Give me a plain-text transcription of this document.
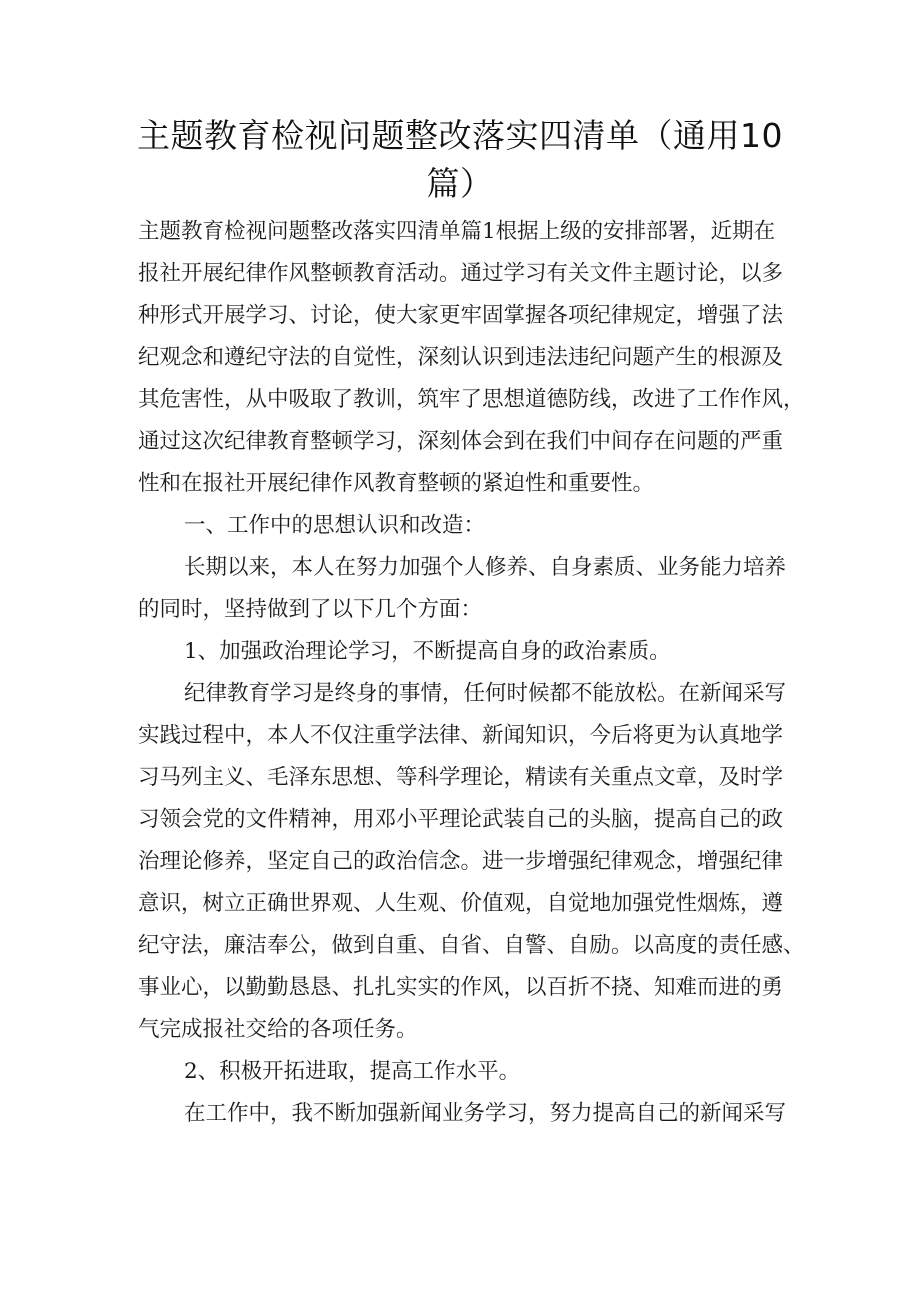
主题教育检视问题整改落实四清单（通用10
篇）
主题教育检视问题整改落实四清单篇1根据上级的安排部署，近期在
报社开展纪律作风整顿教育活动。通过学习有关文件主题讨论，以多
种形式开展学习、讨论，使大家更牢固掌握各项纪律规定，增强了法
纪观念和遵纪守法的自觉性，深刻认识到违法违纪问题产生的根源及
其危害性，从中吸取了教训，筑牢了思想道德防线，改进了工作作风，
通过这次纪律教育整顿学习，深刻体会到在我们中间存在问题的严重
性和在报社开展纪律作风教育整顿的紧迫性和重要性。
一、工作中的思想认识和改造：
长期以来，本人在努力加强个人修养、自身素质、业务能力培养
的同时，坚持做到了以下几个方面：
1、加强政治理论学习，不断提高自身的政治素质。
纪律教育学习是终身的事情，任何时候都不能放松。在新闻采写
实践过程中，本人不仅注重学法律、新闻知识，今后将更为认真地学
习马列主义、毛泽东思想、等科学理论，精读有关重点文章，及时学
习领会党的文件精神，用邓小平理论武装自己的头脑，提高自己的政
治理论修养，坚定自己的政治信念。进一步增强纪律观念，增强纪律
意识，树立正确世界观、人生观、价值观，自觉地加强党性烟炼，遵
纪守法，廉洁奉公，做到自重、自省、自警、自励。以高度的责任感、
事业心，以勤勤恳恳、扎扎实实的作风，以百折不挠、知难而进的勇
气完成报社交给的各项任务。
2、积极开拓进取，提高工作水平。
在工作中，我不断加强新闻业务学习，努力提高自己的新闻采写
